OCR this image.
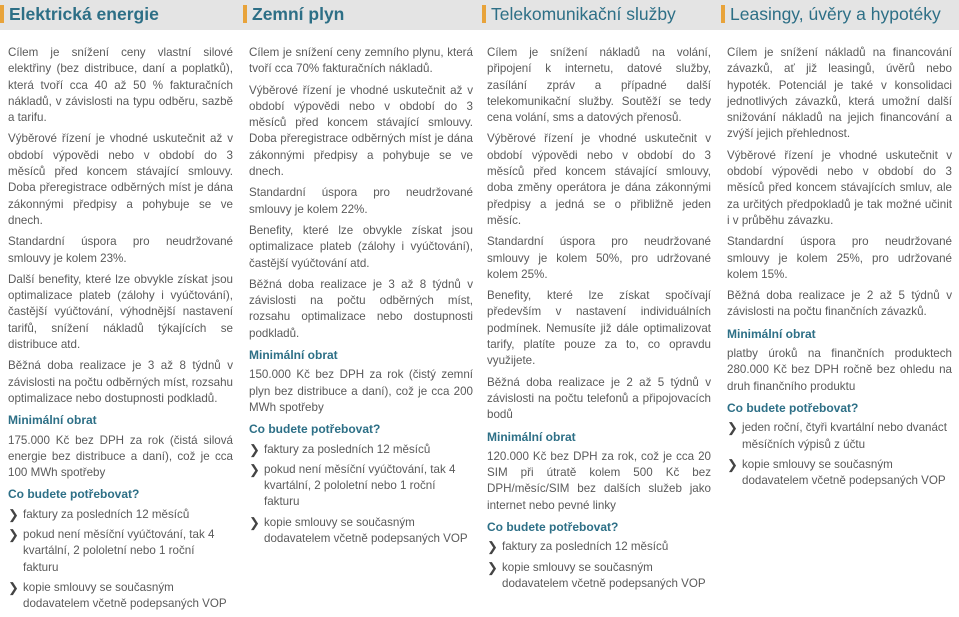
Elektrická energie	Zemní plyn	Telekomunikační služby	Leasingy, úvěry a hypotéky

Cílem je snížení ceny vlastní silové elektřiny (bez distribuce, daní a poplatků), která tvoří cca 40 až 50 % fakturačních nákladů, v závislosti na typu odběru, sazbě a tarifu.

Výběrové řízení je vhodné uskutečnit až v období výpovědi nebo v období do 3 měsíců před koncem stávající smlouvy. Doba přeregistrace odběrných míst je dána zákonnými předpisy a pohybuje se ve dnech.

Standardní úspora pro neudržované smlouvy je kolem 23%.

Další benefity, které lze obvykle získat jsou optimalizace plateb (zálohy i vyúčtování), častější vyúčtování, výhodnější nastavení tarifů, snížení nákladů týkajících se distribuce atd.

Běžná doba realizace je 3 až 8 týdnů v závislosti na počtu odběrných míst, rozsahu optimalizace nebo dostupnosti podkladů.

Minimální obrat

175.000 Kč bez DPH za rok (čistá silová energie bez distribuce a daní), což je cca 100 MWh spotřeby

Co budete potřebovat?
❯ faktury za posledních 12 měsíců
❯ pokud není měsíční vyúčtování, tak 4 kvartální, 2 pololetní nebo 1 roční fakturu
❯ kopie smlouvy se současným dodavatelem včetně podepsaných VOP

Cílem je snížení ceny zemního plynu, která tvoří cca 70% fakturačních nákladů.

Výběrové řízení je vhodné uskutečnit až v období výpovědi nebo v období do 3 měsíců před koncem stávající smlouvy. Doba přeregistrace odběrných míst je dána zákonnými předpisy a pohybuje se ve dnech.

Standardní úspora pro neudržované smlouvy je kolem 22%.

Benefity, které lze obvykle získat jsou optimalizace plateb (zálohy i vyúčtování), častější vyúčtování atd.

Běžná doba realizace je 3 až 8 týdnů v závislosti na počtu odběrných míst, rozsahu optimalizace nebo dostupnosti podkladů.

Minimální obrat

150.000 Kč bez DPH za rok (čistý zemní plyn bez distribuce a daní), což je cca 200 MWh spotřeby

Co budete potřebovat?
❯ faktury za posledních 12 měsíců
❯ pokud není měsíční vyúčtování, tak 4 kvartální, 2 pololetní nebo 1 roční fakturu
❯ kopie smlouvy se současným dodavatelem včetně podepsaných VOP

Cílem je snížení nákladů na volání, připojení k internetu, datové služby, zasílání zpráv a případné další telekomunikační služby. Soutěží se tedy cena volání, sms a datových přenosů.

Výběrové řízení je vhodné uskutečnit v období výpovědi nebo v období do 3 měsíců před koncem stávající smlouvy, doba změny operátora je dána zákonnými předpisy a jedná se o přibližně jeden měsíc.

Standardní úspora pro neudržované smlouvy je kolem 50%, pro udržované kolem 25%.

Benefity, které lze získat spočívají především v nastavení individuálních podmínek. Nemusíte již dále optimalizovat tarify, platíte pouze za to, co opravdu využijete.

Běžná doba realizace je 2 až 5 týdnů v závislosti na počtu telefonů a připojovacích bodů

Minimální obrat

120.000 Kč bez DPH za rok, což je cca 20 SIM při útratě kolem 500 Kč bez DPH/měsíc/SIM bez dalších služeb jako internet nebo pevné linky

Co budete potřebovat?
❯ faktury za posledních 12 měsíců
❯ kopie smlouvy se současným dodavatelem včetně podepsaných VOP

Cílem je snížení nákladů na financování závazků, ať již leasingů, úvěrů nebo hypoték. Potenciál je také v konsolidaci jednotlivých závazků, která umožní další snižování nákladů na jejich financování a zvýší jejich přehlednost.

Výběrové řízení je vhodné uskutečnit v období výpovědi nebo v období do 3 měsíců před koncem stávajících smluv, ale za určitých předpokladů je tak možné učinit i v průběhu závazku.

Standardní úspora pro neudržované smlouvy je kolem 25%, pro udržované kolem 15%.

Běžná doba realizace je 2 až 5 týdnů v závislosti na počtu finančních závazků.

Minimální obrat

platby úroků na finančních produktech 280.000 Kč bez DPH ročně bez ohledu na druh finančního produktu

Co budete potřebovat?
❯ jeden roční, čtyři kvartální nebo dvanáct měsíčních výpisů z účtu
❯ kopie smlouvy se současným dodavatelem včetně podepsaných VOP
